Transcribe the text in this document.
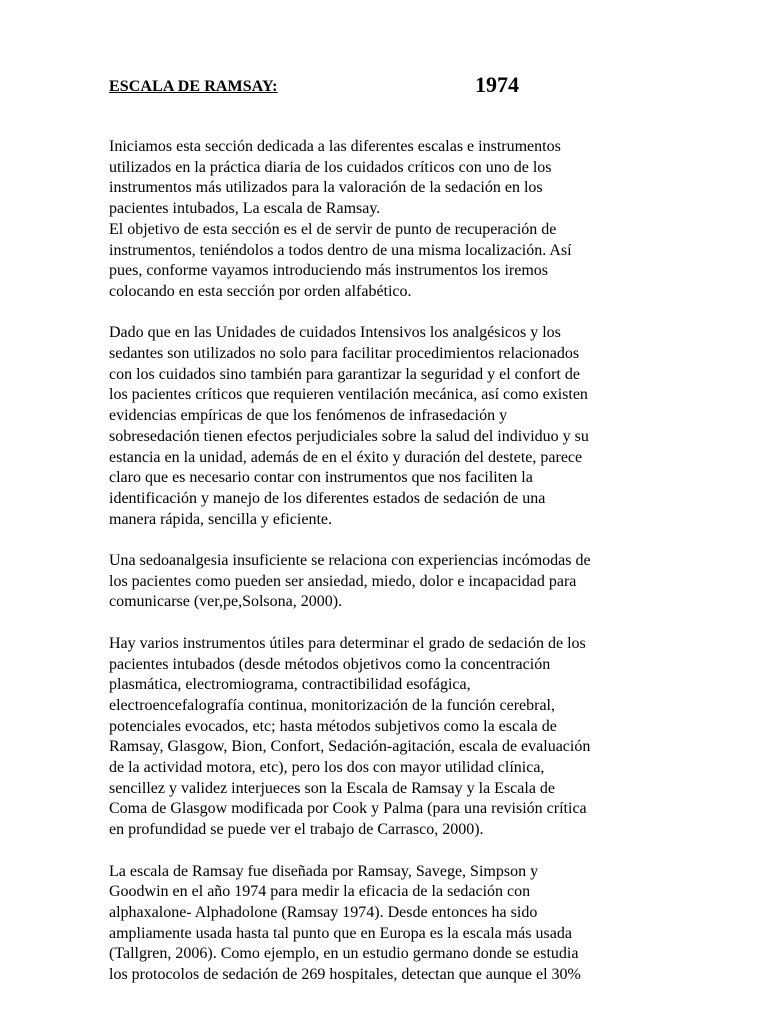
ESCALA DE RAMSAY:	1974

Iniciamos esta sección dedicada a las diferentes escalas e instrumentos
utilizados en la práctica diaria de los cuidados críticos con uno de los
instrumentos más utilizados para la valoración de la sedación en los
pacientes intubados, La escala de Ramsay.
El objetivo de esta sección es el de servir de punto de recuperación de
instrumentos, teniéndolos a todos dentro de una misma localización. Así
pues, conforme vayamos introduciendo más instrumentos los iremos
colocando en esta sección por orden alfabético.

Dado que en las Unidades de cuidados Intensivos los analgésicos y los
sedantes son utilizados no solo para facilitar procedimientos relacionados
con los cuidados sino también para garantizar la seguridad y el confort de
los pacientes críticos que requieren ventilación mecánica, así como existen
evidencias empíricas de que los fenómenos de infrasedación y
sobresedación tienen efectos perjudiciales sobre la salud del individuo y su
estancia en la unidad, además de en el éxito y duración del destete, parece
claro que es necesario contar con instrumentos que nos faciliten la
identificación y manejo de los diferentes estados de sedación de una
manera rápida, sencilla y eficiente.

Una sedoanalgesia insuficiente se relaciona con experiencias incómodas de
los pacientes como pueden ser ansiedad, miedo, dolor e incapacidad para
comunicarse (ver,pe,Solsona, 2000).

Hay varios instrumentos útiles para determinar el grado de sedación de los
pacientes intubados (desde métodos objetivos como la concentración
plasmática, electromiograma, contractibilidad esofágica,
electroencefalografía continua, monitorización de la función cerebral,
potenciales evocados, etc; hasta métodos subjetivos como la escala de
Ramsay, Glasgow, Bion, Confort, Sedación-agitación, escala de evaluación
de la actividad motora, etc), pero los dos con mayor utilidad clínica,
sencillez y validez interjueces son la Escala de Ramsay y la Escala de
Coma de Glasgow modificada por Cook y Palma (para una revisión crítica
en profundidad se puede ver el trabajo de Carrasco, 2000).

La escala de Ramsay fue diseñada por Ramsay, Savege, Simpson y
Goodwin en el año 1974 para medir la eficacia de la sedación con
alphaxalone- Alphadolone (Ramsay 1974). Desde entonces ha sido
ampliamente usada hasta tal punto que en Europa es la escala más usada
(Tallgren, 2006). Como ejemplo, en un estudio germano donde se estudia
los protocolos de sedación de 269 hospitales, detectan que aunque el 30%
